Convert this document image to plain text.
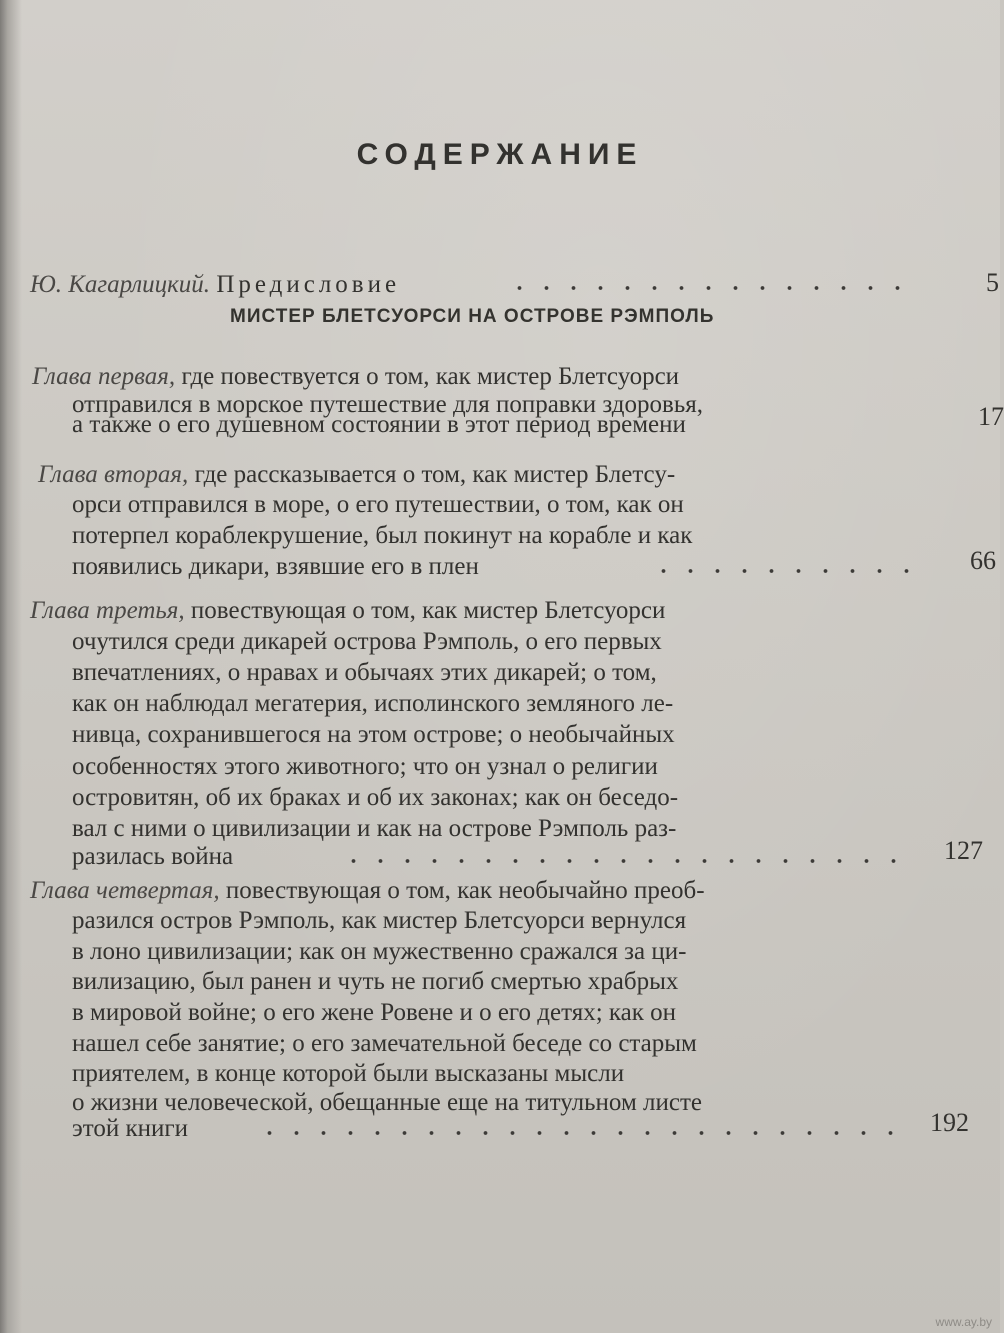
СОДЕРЖАНИЕ
Ю. Кагарлицкий. Предисловие	5
МИСТЕР БЛЕТСУОРСИ НА ОСТРОВЕ РЭМПОЛЬ
Глава первая, где повествуется о том, как мистер Блетсуорси
отправился в морское путешествие для поправки здоровья,
а также о его душевном состоянии в этот период времени	17
Глава вторая, где рассказывается о том, как мистер Блетсу-
орси отправился в море, о его путешествии, о том, как он
потерпел кораблекрушение, был покинут на корабле и как
появились дикари, взявшие его в плен	66
Глава третья, повествующая о том, как мистер Блетсуорси
очутился среди дикарей острова Рэмполь, о его первых
впечатлениях, о нравах и обычаях этих дикарей; о том,
как он наблюдал мегатерия, исполинского земляного ле-
нивца, сохранившегося на этом острове; о необычайных
особенностях этого животного; что он узнал о религии
островитян, об их браках и об их законах; как он беседо-
вал с ними о цивилизации и как на острове Рэмполь раз-
разилась война	127
Глава четвертая, повествующая о том, как необычайно преоб-
разился остров Рэмполь, как мистер Блетсуорси вернулся
в лоно цивилизации; как он мужественно сражался за ци-
вилизацию, был ранен и чуть не погиб смертью храбрых
в мировой войне; о его жене Ровене и о его детях; как он
нашел себе занятие; о его замечательной беседе со старым
приятелем, в конце которой были высказаны мысли
о жизни человеческой, обещанные еще на титульном листе
этой книги	192
www.ay.by
